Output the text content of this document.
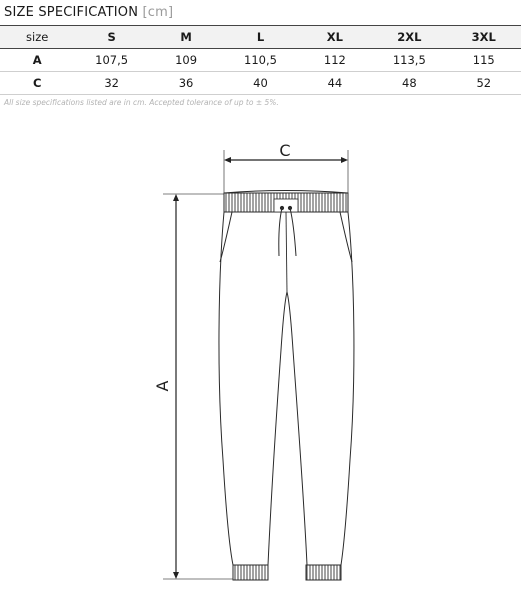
SIZE SPECIFICATION [cm]
size	S	M	L	XL	2XL	3XL
A	107,5	109	110,5	112	113,5	115
C	32	36	40	44	48	52

All size specifications listed are in cm. Accepted tolerance of up to ± 5%.

C
A
